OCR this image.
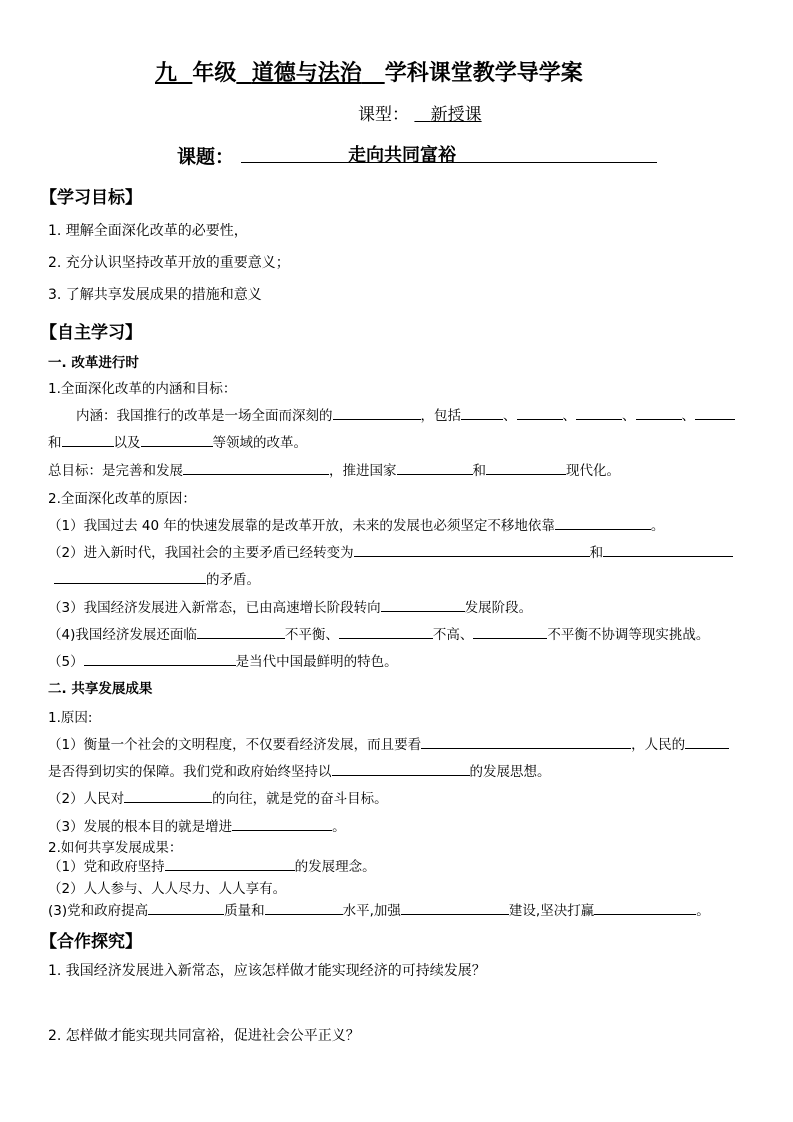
九 年级 道德与法治 学科课堂教学导学案
课型： 新授课
课题：	走向共同富裕
【学习目标】
1. 理解全面深化改革的必要性，
2. 充分认识坚持改革开放的重要意义；
3. 了解共享发展成果的措施和意义
【自主学习】
一. 改革进行时
1.全面深化改革的内涵和目标：
内涵：我国推行的改革是一场全面而深刻的	，包括	、	、	、	、
和	以及	等领域的改革。
总目标：是完善和发展	，推进国家	和	现代化。
2.全面深化改革的原因：
（1）我国过去 40 年的快速发展靠的是改革开放，未来的发展也必须坚定不移地依靠	。
（2）进入新时代，我国社会的主要矛盾已经转变为	和
的矛盾。
（3）我国经济发展进入新常态，已由高速增长阶段转向	发展阶段。
（4)我国经济发展还面临	不平衡、	不高、	不平衡不协调等现实挑战。
（5）	是当代中国最鲜明的特色。
二. 共享发展成果
1.原因:
（1）衡量一个社会的文明程度，不仅要看经济发展，而且要看	，人民的
是否得到切实的保障。我们党和政府始终坚持以	的发展思想。
（2）人民对	的向往，就是党的奋斗目标。
（3）发展的根本目的就是增进	。
2.如何共享发展成果：
（1）党和政府坚持	的发展理念。
（2）人人参与、人人尽力、人人享有。
(3)党和政府提高	质量和	水平,加强	建设,坚决打赢	。
【合作探究】
1. 我国经济发展进入新常态，应该怎样做才能实现经济的可持续发展？
2. 怎样做才能实现共同富裕，促进社会公平正义？
